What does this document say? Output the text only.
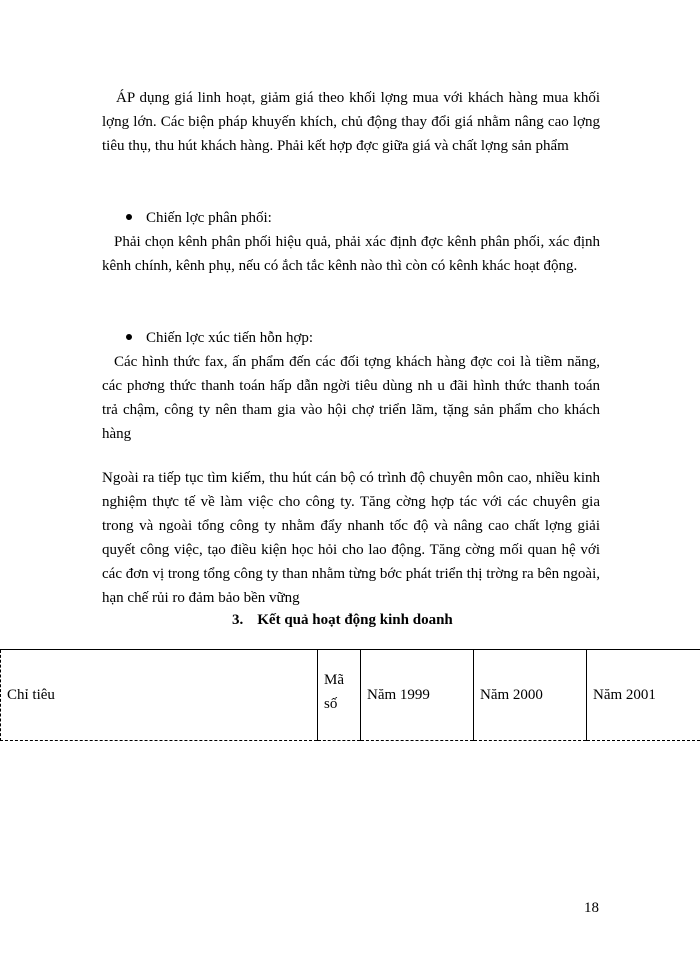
ÁP dụng giá linh hoạt, giảm giá theo khối lợng mua với khách hàng mua khối lợng lớn. Các biện pháp khuyến khích, chủ động thay đổi giá nhằm nâng cao lợng tiêu thụ, thu hút khách hàng. Phải kết hợp đợc giữa giá và chất lợng sản phẩm

Chiến lợc phân phối:

Phải chọn kênh phân phối hiệu quả, phải xác định đợc kênh phân phối, xác định kênh chính, kênh phụ, nếu có ắch tắc kênh nào thì còn có kênh khác hoạt động.

Chiến lợc xúc tiến hỗn hợp:

Các hình thức fax, ấn phẩm đến các đối tợng khách hàng đợc coi là tiềm năng, các phơng thức thanh toán hấp dẫn ngời tiêu dùng nh u đãi hình thức thanh toán trả chậm, công ty nên tham gia vào hội chợ triển lãm, tặng sản phẩm cho khách hàng

Ngoài ra tiếp tục tìm kiếm, thu hút cán bộ có trình độ chuyên môn cao, nhiều kinh nghiệm thực tế về làm việc cho công ty. Tăng cờng hợp tác với các chuyên gia trong và ngoài tổng công ty nhằm đẩy nhanh tốc độ và nâng cao chất lợng giải quyết công việc, tạo điều kiện học hỏi cho lao động. Tăng cờng mối quan hệ với các đơn vị trong tổng công ty than nhằm từng bớc phát triển thị trờng ra bên ngoài, hạn chế rủi ro đảm bảo bền vững

3. Kết quả hoạt động kinh doanh

Chỉ tiêu	Mã số	Năm 1999	Năm 2000	Năm 2001

18
